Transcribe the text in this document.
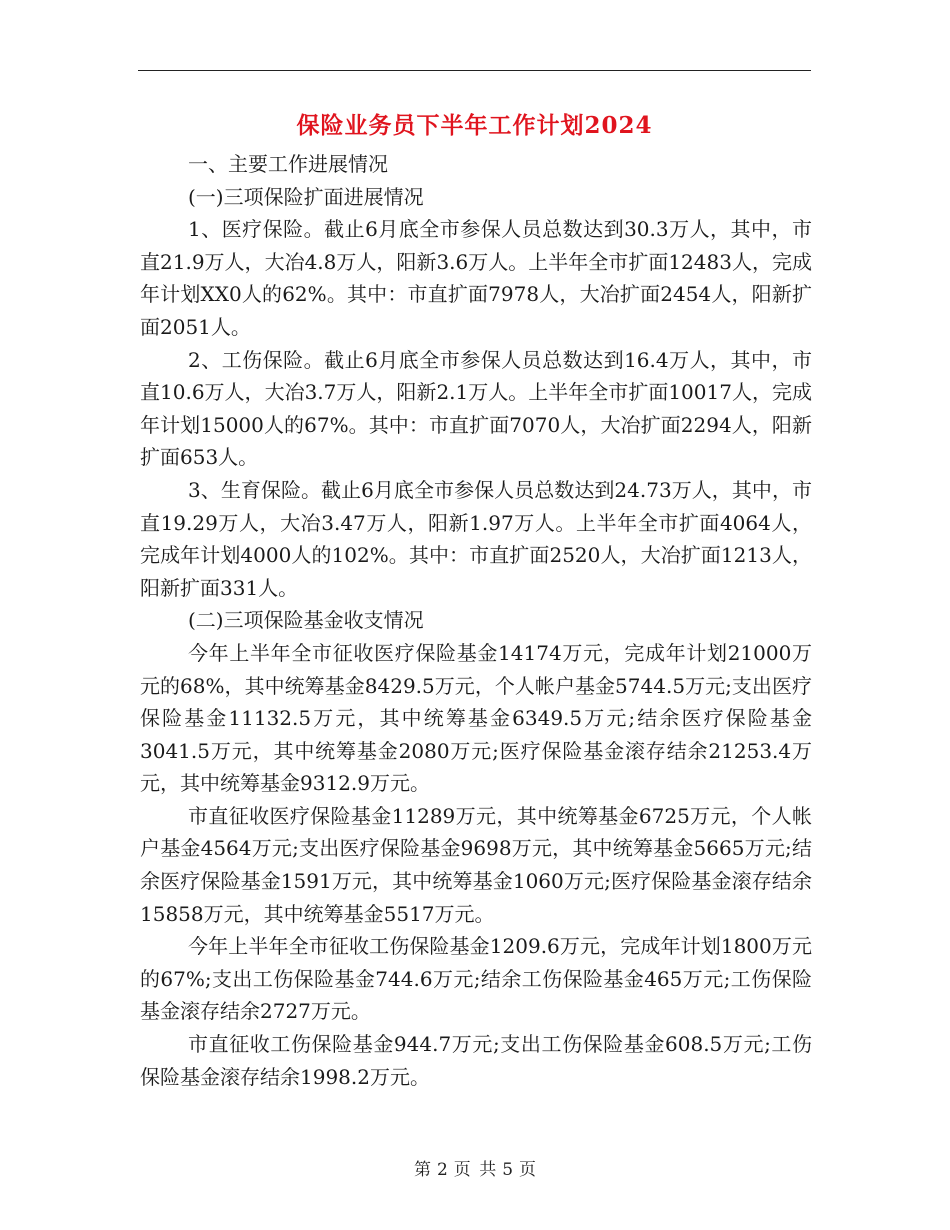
保险业务员下半年工作计划2024

一、主要工作进展情况

(一)三项保险扩面进展情况

1、医疗保险。截止6月底全市参保人员总数达到30.3万人，其中，市直21.9万人，大冶4.8万人，阳新3.6万人。上半年全市扩面12483人，完成年计划XX0人的62%。其中：市直扩面7978人，大冶扩面2454人，阳新扩面2051人。

2、工伤保险。截止6月底全市参保人员总数达到16.4万人，其中，市直10.6万人，大冶3.7万人，阳新2.1万人。上半年全市扩面10017人，完成年计划15000人的67%。其中：市直扩面7070人，大冶扩面2294人，阳新扩面653人。

3、生育保险。截止6月底全市参保人员总数达到24.73万人，其中，市直19.29万人，大冶3.47万人，阳新1.97万人。上半年全市扩面4064人，完成年计划4000人的102%。其中：市直扩面2520人，大冶扩面1213人，阳新扩面331人。

(二)三项保险基金收支情况

今年上半年全市征收医疗保险基金14174万元，完成年计划21000万元的68%，其中统筹基金8429.5万元，个人帐户基金5744.5万元;支出医疗保险基金11132.5万元，其中统筹基金6349.5万元;结余医疗保险基金3041.5万元，其中统筹基金2080万元;医疗保险基金滚存结余21253.4万元，其中统筹基金9312.9万元。

市直征收医疗保险基金11289万元，其中统筹基金6725万元，个人帐户基金4564万元;支出医疗保险基金9698万元，其中统筹基金5665万元;结余医疗保险基金1591万元，其中统筹基金1060万元;医疗保险基金滚存结余15858万元，其中统筹基金5517万元。

今年上半年全市征收工伤保险基金1209.6万元，完成年计划1800万元的67%;支出工伤保险基金744.6万元;结余工伤保险基金465万元;工伤保险基金滚存结余2727万元。

市直征收工伤保险基金944.7万元;支出工伤保险基金608.5万元;工伤保险基金滚存结余1998.2万元。

第 2 页 共 5 页
